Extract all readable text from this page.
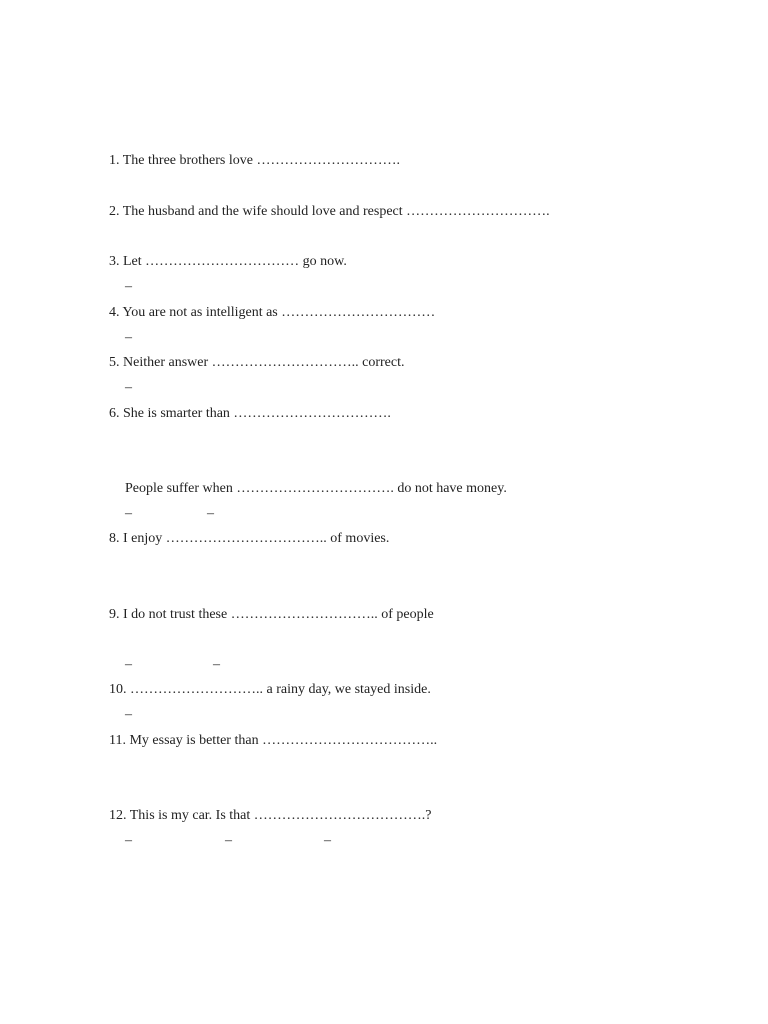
1. The three brothers love ………………………….
2. The husband and the wife should love and respect ………………………….
3. Let …………………………… go now.
–
4. You are not as intelligent as ……………………………
–
5. Neither answer ………………………….. correct.
–
6. She is smarter than …………………………….
People suffer when ……………………………. do not have money.
–	–
8. I enjoy …………………………….. of movies.
9. I do not trust these ………………………….. of people
–	–
10. ……………………….. a rainy day, we stayed inside.
–
11. My essay is better than ………………………………..
12. This is my car. Is that ……………………………….?
–	–	–
